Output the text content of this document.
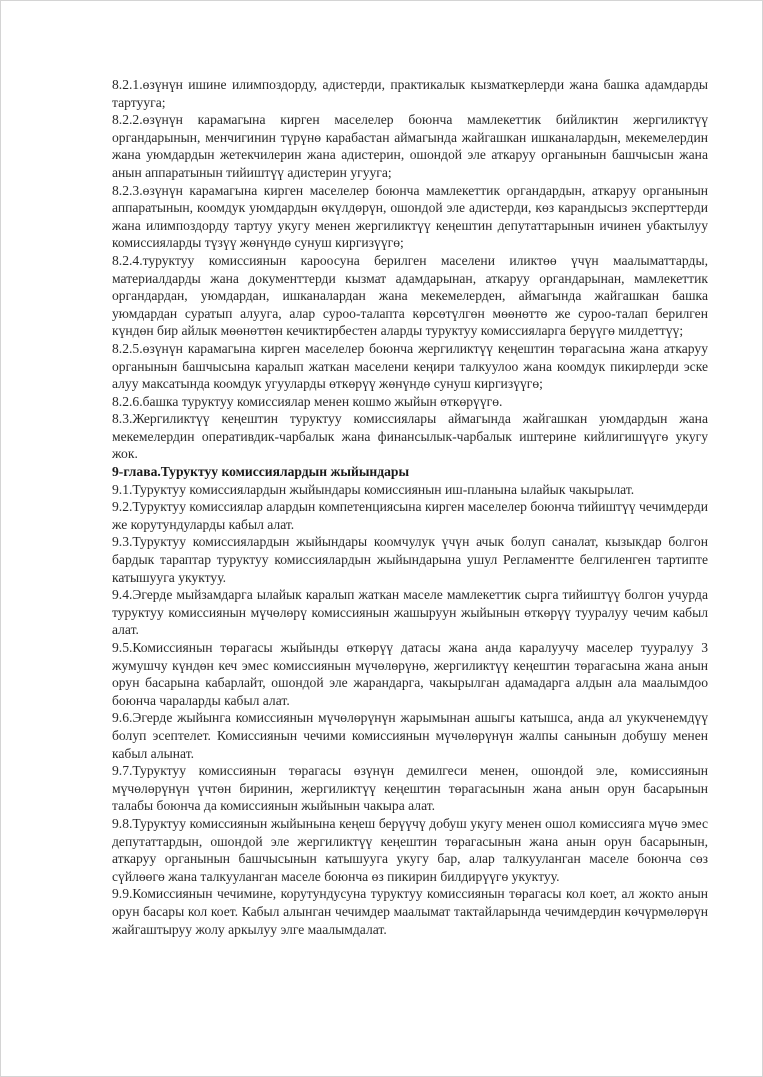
8.2.1.өзүнүн ишине илимпоздорду, адистерди, практикалык кызматкерлерди жана башка адамдарды тартууга;

8.2.2.өзүнүн карамагына кирген маселелер боюнча мамлекеттик бийликтин жергиликтүү органдарынын, менчигинин түрүнө карабастан аймагында жайгашкан ишканалардын, мекемелердин жана уюмдардын жетекчилерин жана адистерин, ошондой эле аткаруу органынын башчысын жана анын аппаратынын тийиштүү адистерин угууга;

8.2.3.өзүнүн карамагына кирген маселелер боюнча мамлекеттик органдардын, аткаруу органынын аппаратынын, коомдук уюмдардын өкүлдөрүн, ошондой эле адистерди, көз карандысыз эксперттерди жана илимпоздорду тартуу укугу менен жергиликтүү кеңештин депутаттарынын ичинен убактылуу комиссияларды түзүү жөнүндө сунуш киргизүүгө;

8.2.4.туруктуу комиссиянын кароосуна берилген маселени иликтөө үчүн маалыматтарды, материалдарды жана документтерди кызмат адамдарынан, аткаруу органдарынан, мамлекеттик органдардан, уюмдардан, ишканалардан жана мекемелерден, аймагында жайгашкан башка уюмдардан суратып алууга, алар суроо-талапта көрсөтүлгөн мөөнөттө же суроо-талап берилген күндөн бир айлык мөөнөттөн кечиктирбестен аларды туруктуу комиссияларга берүүгө милдеттүү;

8.2.5.өзүнүн карамагына кирген маселелер боюнча жергиликтүү кеңештин төрагасына жана аткаруу органынын башчысына каралып жаткан маселени кеңири талкуулоо жана коомдук пикирлерди эске алуу максатында коомдук угууларды өткөрүү жөнүндө сунуш киргизүүгө;

8.2.6.башка туруктуу комиссиялар менен кошмо жыйын өткөрүүгө.

8.3.Жергиликтүү кеңештин туруктуу комиссиялары аймагында жайгашкан уюмдардын жана мекемелердин оперативдик-чарбалык жана финансылык-чарбалык иштерине кийлигишүүгө укугу жок.

9-глава.Туруктуу комиссиялардын жыйындары

9.1.Туруктуу комиссиялардын жыйындары комиссиянын иш-планына ылайык чакырылат.

9.2.Туруктуу комиссиялар алардын компетенциясына кирген маселелер боюнча тийиштүү чечимдерди же корутундуларды кабыл алат.

9.3.Туруктуу комиссиялардын жыйындары коомчулук үчүн ачык болуп саналат, кызыкдар болгон бардык тараптар туруктуу комиссиялардын жыйындарына ушул Регламентте белгиленген тартипте катышууга укуктуу.

9.4.Эгерде мыйзамдарга ылайык каралып жаткан маселе мамлекеттик сырга тийиштүү болгон учурда туруктуу комиссиянын мүчөлөрү комиссиянын жашыруун жыйынын өткөрүү тууралуу чечим кабыл алат.

9.5.Комиссиянын төрагасы жыйынды өткөрүү датасы жана анда каралуучу маселер тууралуу 3 жумушчу күндөн кеч эмес комиссиянын мүчөлөрүнө, жергиликтүү кеңештин төрагасына жана анын орун басарына кабарлайт, ошондой эле жарандарга, чакырылган адамадарга алдын ала маалымдоо боюнча чараларды кабыл алат.

9.6.Эгерде жыйынга комиссиянын мүчөлөрүнүн жарымынан ашыгы катышса, анда ал укукченемдүү болуп эсептелет. Комиссиянын чечими комиссиянын мүчөлөрүнүн жалпы санынын добушу менен кабыл алынат.

9.7.Туруктуу комиссиянын төрагасы өзүнүн демилгеси менен, ошондой эле, комиссиянын мүчөлөрүнүн үчтөн биринин, жергиликтүү кеңештин төрагасынын жана анын орун басарынын талабы боюнча да комиссиянын жыйынын чакыра алат.

9.8.Туруктуу комиссиянын жыйынына кеңеш берүүчү добуш укугу менен ошол комиссияга мүчө эмес депутаттардын, ошондой эле жергиликтүү кеңештин төрагасынын жана анын орун басарынын, аткаруу органынын башчысынын катышууга укугу бар, алар талкууланган маселе боюнча сөз сүйлөөгө жана талкууланган маселе боюнча өз пикирин билдирүүгө укуктуу.

9.9.Комиссиянын чечимине, корутундусуна туруктуу комиссиянын төрагасы кол коет, ал жокто анын орун басары кол коет. Кабыл алынган чечимдер маалымат тактайларында чечимдердин көчүрмөлөрүн жайгаштыруу жолу аркылуу элге маалымдалат.
